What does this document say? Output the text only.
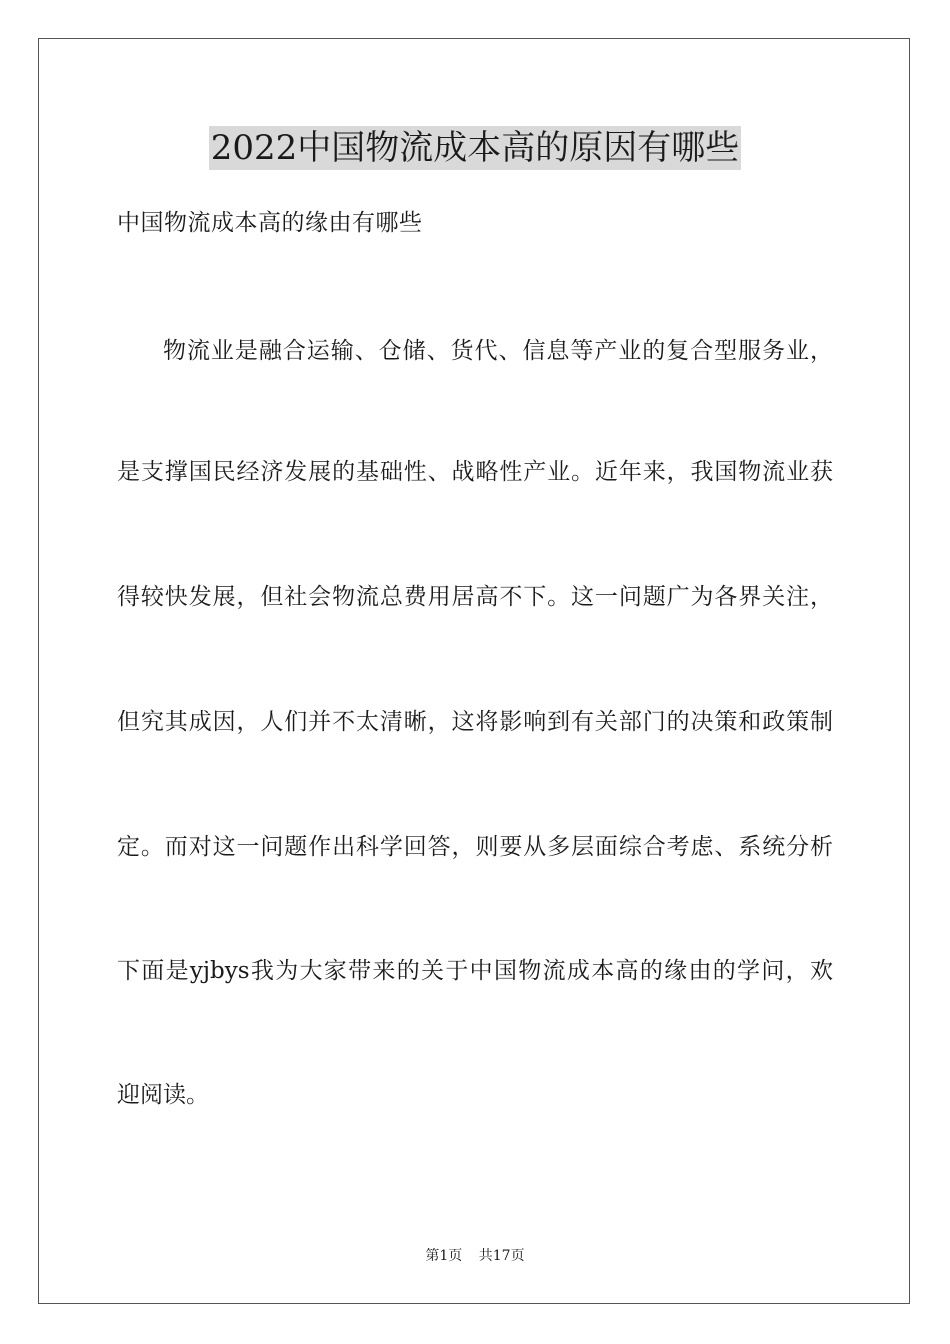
2022中国物流成本高的原因有哪些
中国物流成本高的缘由有哪些
物流业是融合运输、仓储、货代、信息等产业的复合型服务业，
是支撑国民经济发展的基础性、战略性产业。近年来，我国物流业获
得较快发展，但社会物流总费用居高不下。这一问题广为各界关注，
但究其成因，人们并不太清晰，这将影响到有关部门的决策和政策制
定。而对这一问题作出科学回答，则要从多层面综合考虑、系统分析
下面是yjbys我为大家带来的关于中国物流成本高的缘由的学问，欢
迎阅读。
第1页 共17页
